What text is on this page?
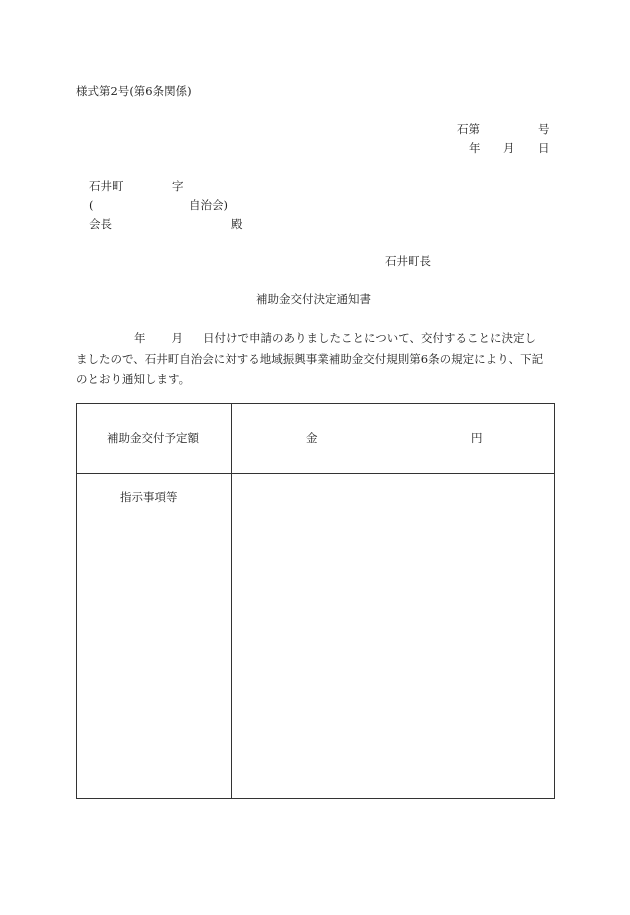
様式第2号(第6条関係)
石第	号
年 月 日
石井町	字
(	自治会)
会長	殿
石井町長
補助金交付決定通知書
年 月 日付けで申請のありましたことについて、交付することに決定し
ましたので、石井町自治会に対する地域振興事業補助金交付規則第6条の規定により、下記
のとおり通知します。
補助金交付予定額	金	円
指示事項等
